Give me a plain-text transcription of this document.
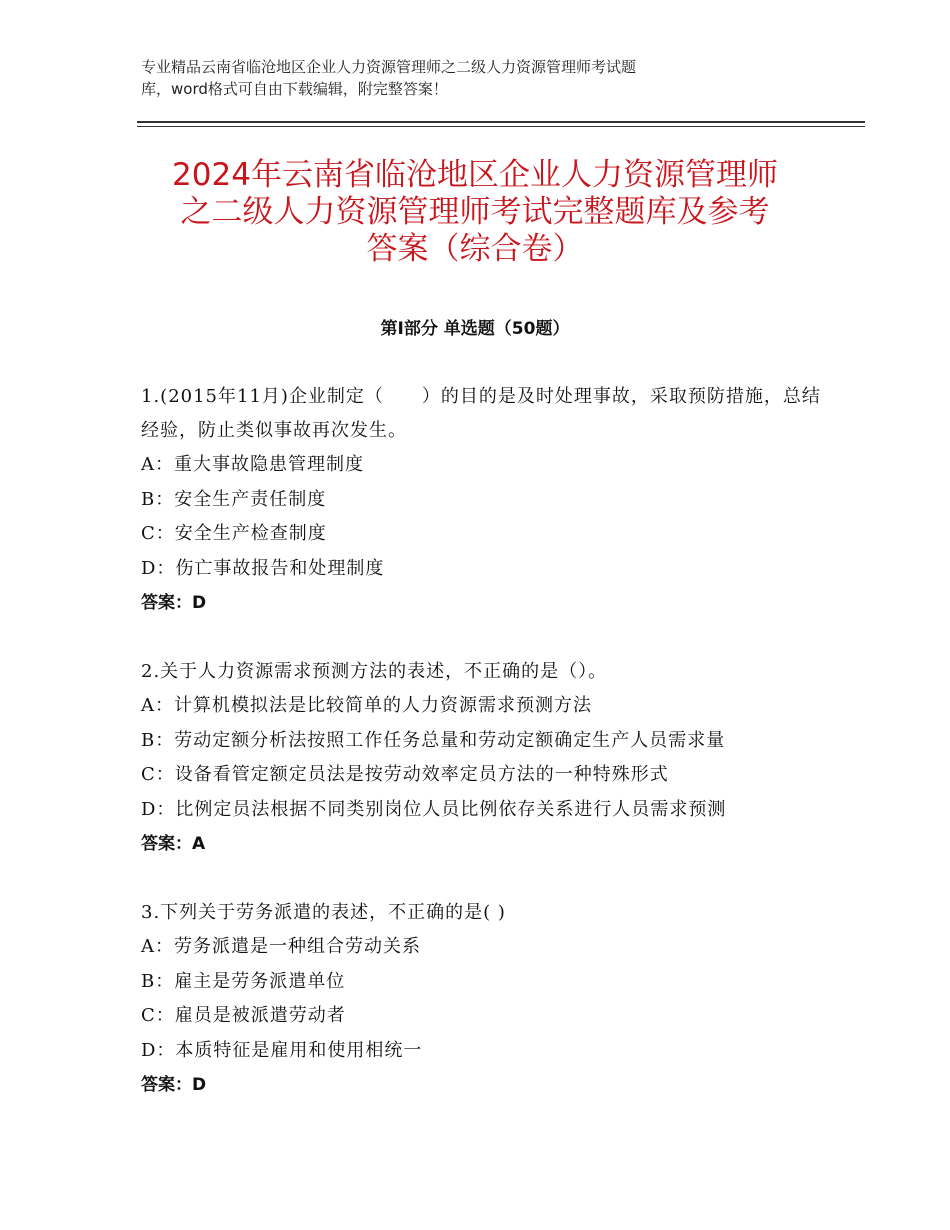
专业精品云南省临沧地区企业人力资源管理师之二级人力资源管理师考试题
库，word格式可自由下载编辑，附完整答案！
2024年云南省临沧地区企业人力资源管理师
之二级人力资源管理师考试完整题库及参考
答案（综合卷）
第Ⅰ部分 单选题（50题）

1.(2015年11月)企业制定（　　）的目的是及时处理事故，采取预防措施，总结经验，防止类似事故再次发生。

A：重大事故隐患管理制度

B：安全生产责任制度

C：安全生产检查制度

D：伤亡事故报告和处理制度

答案：D

2.关于人力资源需求预测方法的表述，不正确的是（）。

A：计算机模拟法是比较简单的人力资源需求预测方法

B：劳动定额分析法按照工作任务总量和劳动定额确定生产人员需求量

C：设备看管定额定员法是按劳动效率定员方法的一种特殊形式

D：比例定员法根据不同类别岗位人员比例依存关系进行人员需求预测

答案：A

3.下列关于劳务派遣的表述，不正确的是( )

A：劳务派遣是一种组合劳动关系

B：雇主是劳务派遣单位

C：雇员是被派遣劳动者

D：本质特征是雇用和使用相统一

答案：D
